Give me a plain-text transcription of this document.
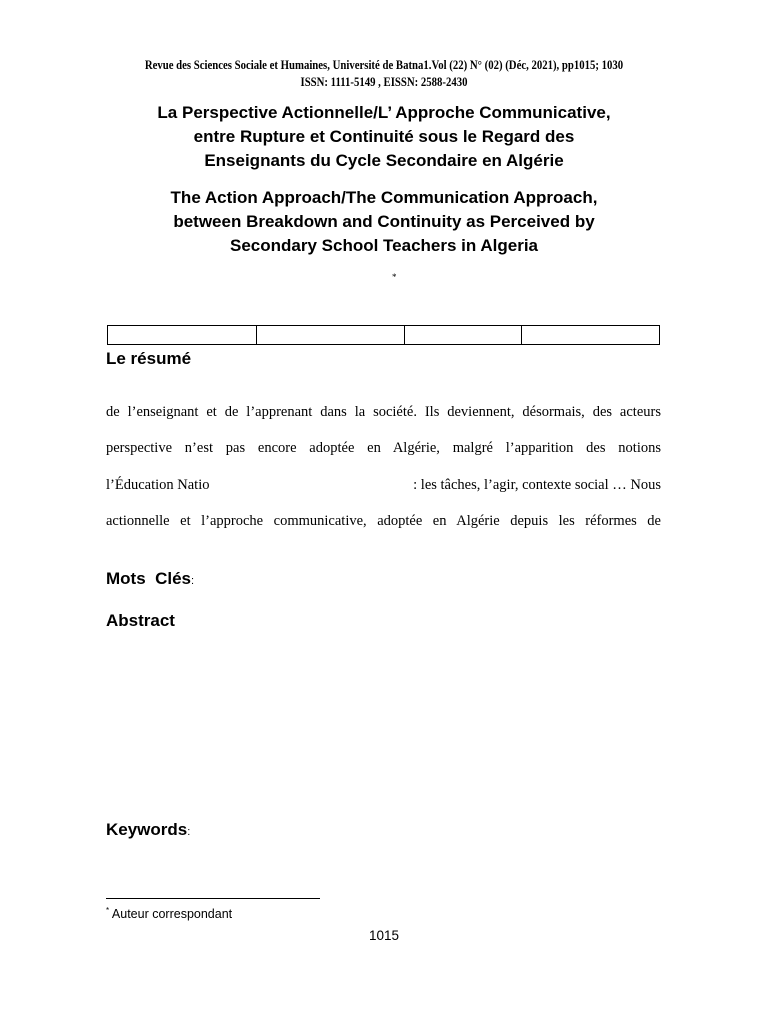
Revue des Sciences Sociale et Humaines, Université de Batna1.Vol (22) N° (02) (Déc, 2021), pp1015; 1030
ISSN: 1111-5149 , EISSN: 2588-2430
La Perspective Actionnelle/L’ Approche Communicative,
entre Rupture et Continuité sous le Regard des
Enseignants du Cycle Secondaire en Algérie
The Action Approach/The Communication Approach,
between Breakdown and Continuity as Perceived by
Secondary School Teachers in Algeria
*

Le résumé
de l’enseignant et de l’apprenant dans la société. Ils deviennent, désormais, des acteurs
perspective n’est pas encore adoptée en Algérie, malgré l’apparition des notions
l’Éducation Natio	: les tâches, l’agir, contexte social … Nous
actionnelle et l’approche communicative, adoptée en Algérie depuis les réformes de
Mots  Clés:
Abstract
Keywords:
* Auteur correspondant
1015
